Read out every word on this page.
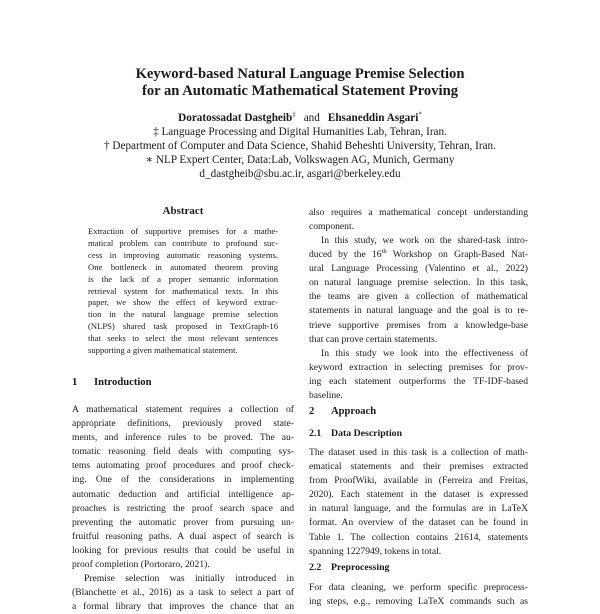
Keyword-based Natural Language Premise Selection
for an Automatic Mathematical Statement Proving
Doratossadat Dastgheib‡ and Ehsaneddin Asgari*
‡ Language Processing and Digital Humanities Lab, Tehran, Iran.
† Department of Computer and Data Science, Shahid Beheshti University, Tehran, Iran.
∗ NLP Expert Center, Data:Lab, Volkswagen AG, Munich, Germany
d_dastgheib@sbu.ac.ir, asgari@berkeley.edu
Abstract
Extraction of supportive premises for a mathe-
matical problem can contribute to profound suc-
cess in improving automatic reasoning systems.
One bottleneck in automated theorem proving
is the lack of a proper semantic information
retrieval system for mathematical texts. In this
paper, we show the effect of keyword extrac-
tion in the natural language premise selection
(NLPS) shared task proposed in TextGraph-16
that seeks to select the most relevant sentences
supporting a given mathematical statement.
1 Introduction
A mathematical statement requires a collection of
appropriate definitions, previously proved state-
ments, and inference rules to be proved. The au-
tomatic reasoning field deals with computing sys-
tems automating proof procedures and proof check-
ing. One of the considerations in implementing
automatic deduction and artificial intelligence ap-
proaches is restricting the proof search space and
preventing the automatic prover from pursuing un-
fruitful reasoning paths. A dual aspect of search is
looking for previous results that could be useful in
proof completion (Portoraro, 2021).
Premise selection was initially introduced in
(Blanchette et al., 2016) as a task to select a part of
a formal library that improves the chance that an
also requires a mathematical concept understanding
component.
In this study, we work on the shared-task intro-
duced by the 16th Workshop on Graph-Based Nat-
ural Language Processing (Valentino et al., 2022)
on natural language premise selection. In this task,
the teams are given a collection of mathematical
statements in natural language and the goal is to re-
trieve supportive premises from a knowledge-base
that can prove certain statements.
In this study we look into the effectiveness of
keyword extraction in selecting premises for prov-
ing each statement outperforms the TF-IDF-based
baseline.
2 Approach
2.1 Data Description
The dataset used in this task is a collection of math-
ematical statements and their premises extracted
from ProofWiki, available in (Ferreira and Freitas,
2020). Each statement in the dataset is expressed
in natural language, and the formulas are in LaTeX
format. An overview of the dataset can be found in
Table 1. The collection contains 21614, statements
spanning 1227949, tokens in total.
2.2 Preprocessing
For data cleaning, we perform specific preprocess-
ing steps, e.g., removing LaTeX commands such as
